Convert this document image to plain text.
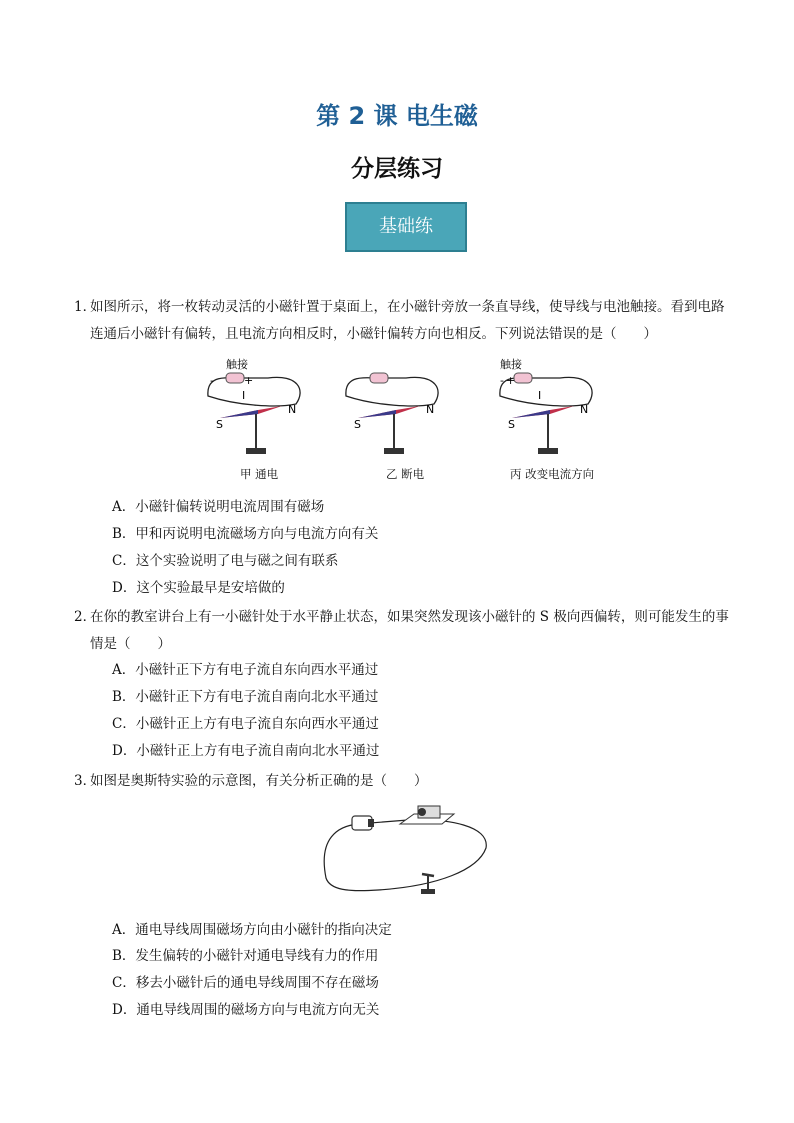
第 2 课 电生磁
分层练习
基础练
1．
如图所示，将一枚转动灵活的小磁针置于桌面上，在小磁针旁放一条直导线，使导线与电池触接。看到电路连通后小磁针有偏转，且电流方向相反时，小磁针偏转方向也相反。下列说法错误的是（　　）
触接
-	+
I
S
N
甲 通电
S
N
乙 断电
触接
- +
I
S
N
丙 改变电流方向
A．小磁针偏转说明电流周围有磁场
B．甲和丙说明电流磁场方向与电流方向有关
C．这个实验说明了电与磁之间有联系
D．这个实验最早是安培做的
2．
在你的教室讲台上有一小磁针处于水平静止状态，如果突然发现该小磁针的 S 极向西偏转，则可能发生的事情是（　　）
A．小磁针正下方有电子流自东向西水平通过
B．小磁针正下方有电子流自南向北水平通过
C．小磁针正上方有电子流自东向西水平通过
D．小磁针正上方有电子流自南向北水平通过
3．
如图是奥斯特实验的示意图，有关分析正确的是（　　）
A．通电导线周围磁场方向由小磁针的指向决定
B．发生偏转的小磁针对通电导线有力的作用
C．移去小磁针后的通电导线周围不存在磁场
D．通电导线周围的磁场方向与电流方向无关
